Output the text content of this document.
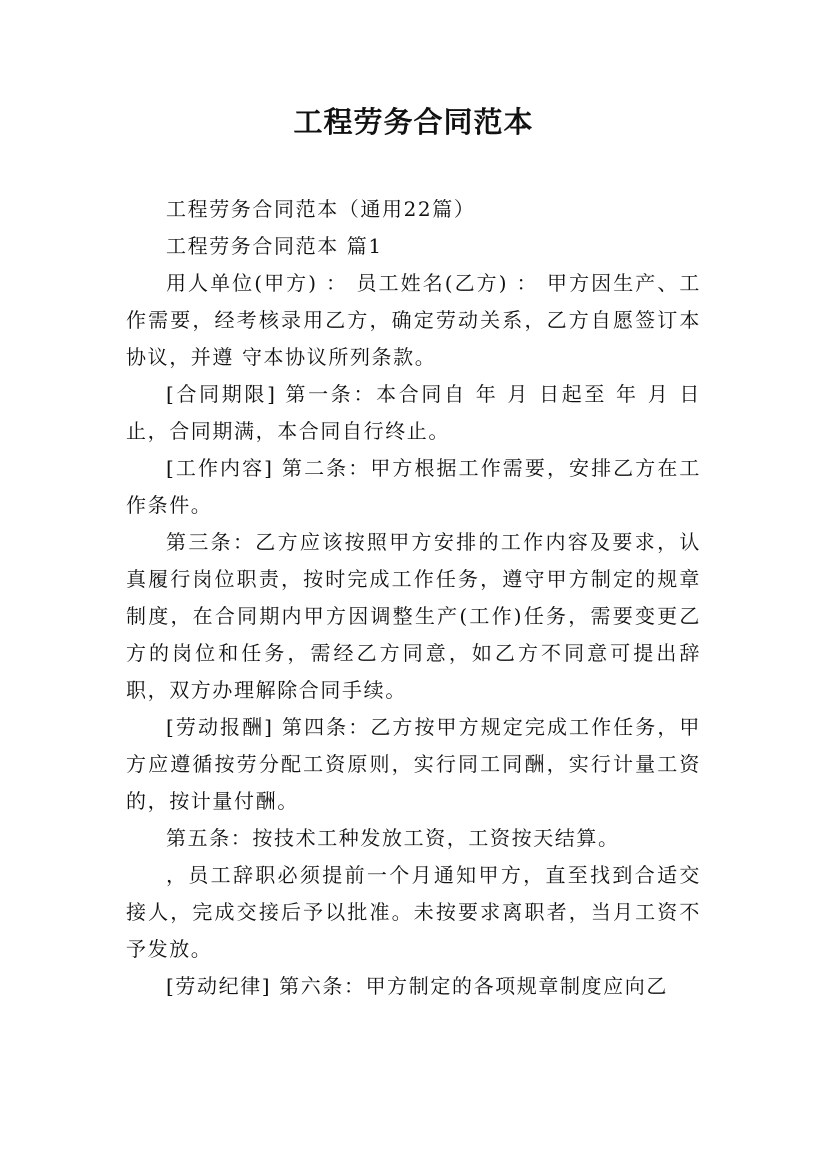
工程劳务合同范本

工程劳务合同范本（通用22篇）

工程劳务合同范本 篇1

用人单位(甲方) ： 员工姓名(乙方) ： 甲方因生产、工作需要，经考核录用乙方，确定劳动关系，乙方自愿签订本协议，并遵 守本协议所列条款。

[合同期限] 第一条：本合同自 年 月 日起至 年 月 日止，合同期满，本合同自行终止。

[工作内容] 第二条：甲方根据工作需要，安排乙方在工作条件。

第三条：乙方应该按照甲方安排的工作内容及要求，认真履行岗位职责，按时完成工作任务，遵守甲方制定的规章制度，在合同期内甲方因调整生产(工作)任务，需要变更乙方的岗位和任务，需经乙方同意，如乙方不同意可提出辞职，双方办理解除合同手续。

[劳动报酬] 第四条：乙方按甲方规定完成工作任务，甲方应遵循按劳分配工资原则，实行同工同酬，实行计量工资的，按计量付酬。

第五条：按技术工种发放工资，工资按天结算。

，员工辞职必须提前一个月通知甲方，直至找到合适交接人，完成交接后予以批准。未按要求离职者，当月工资不予发放。

[劳动纪律] 第六条：甲方制定的各项规章制度应向乙
